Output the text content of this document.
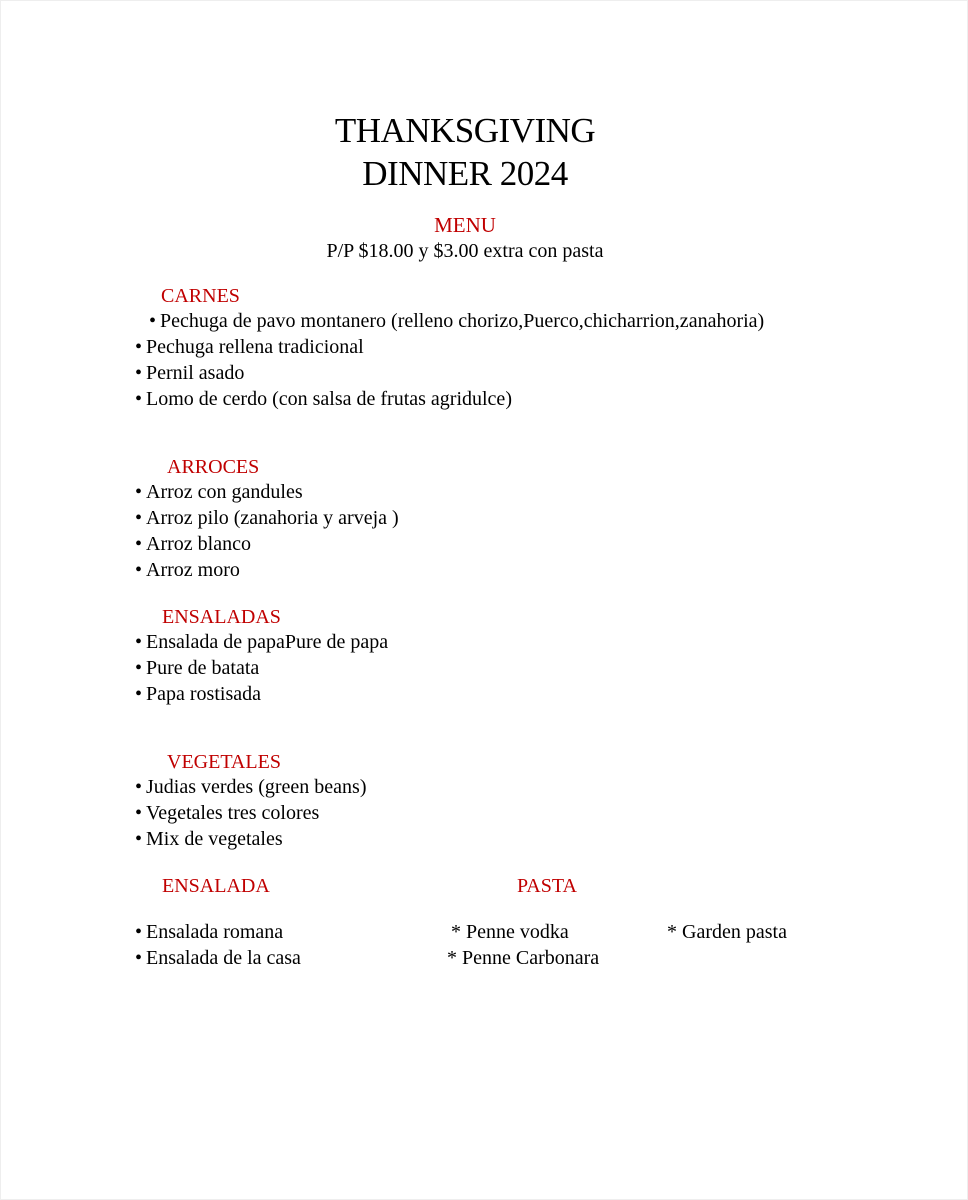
THANKSGIVING
DINNER 2024
MENU
P/P $18.00 y $3.00 extra con pasta
CARNES
• Pechuga de pavo montanero (relleno chorizo,Puerco,chicharrion,zanahoria)
• Pechuga rellena tradicional
• Pernil asado
• Lomo de cerdo (con salsa de frutas agridulce)
ARROCES
• Arroz con gandules
• Arroz pilo (zanahoria y arveja )
• Arroz blanco
• Arroz moro
ENSALADAS
• Ensalada de papaPure de papa
• Pure de batata
• Papa rostisada
VEGETALES
• Judias verdes (green beans)
• Vegetales tres colores
• Mix de vegetales
ENSALADA	PASTA
• Ensalada romana
• Ensalada de la casa
* Penne vodka
* Penne Carbonara
* Garden pasta
